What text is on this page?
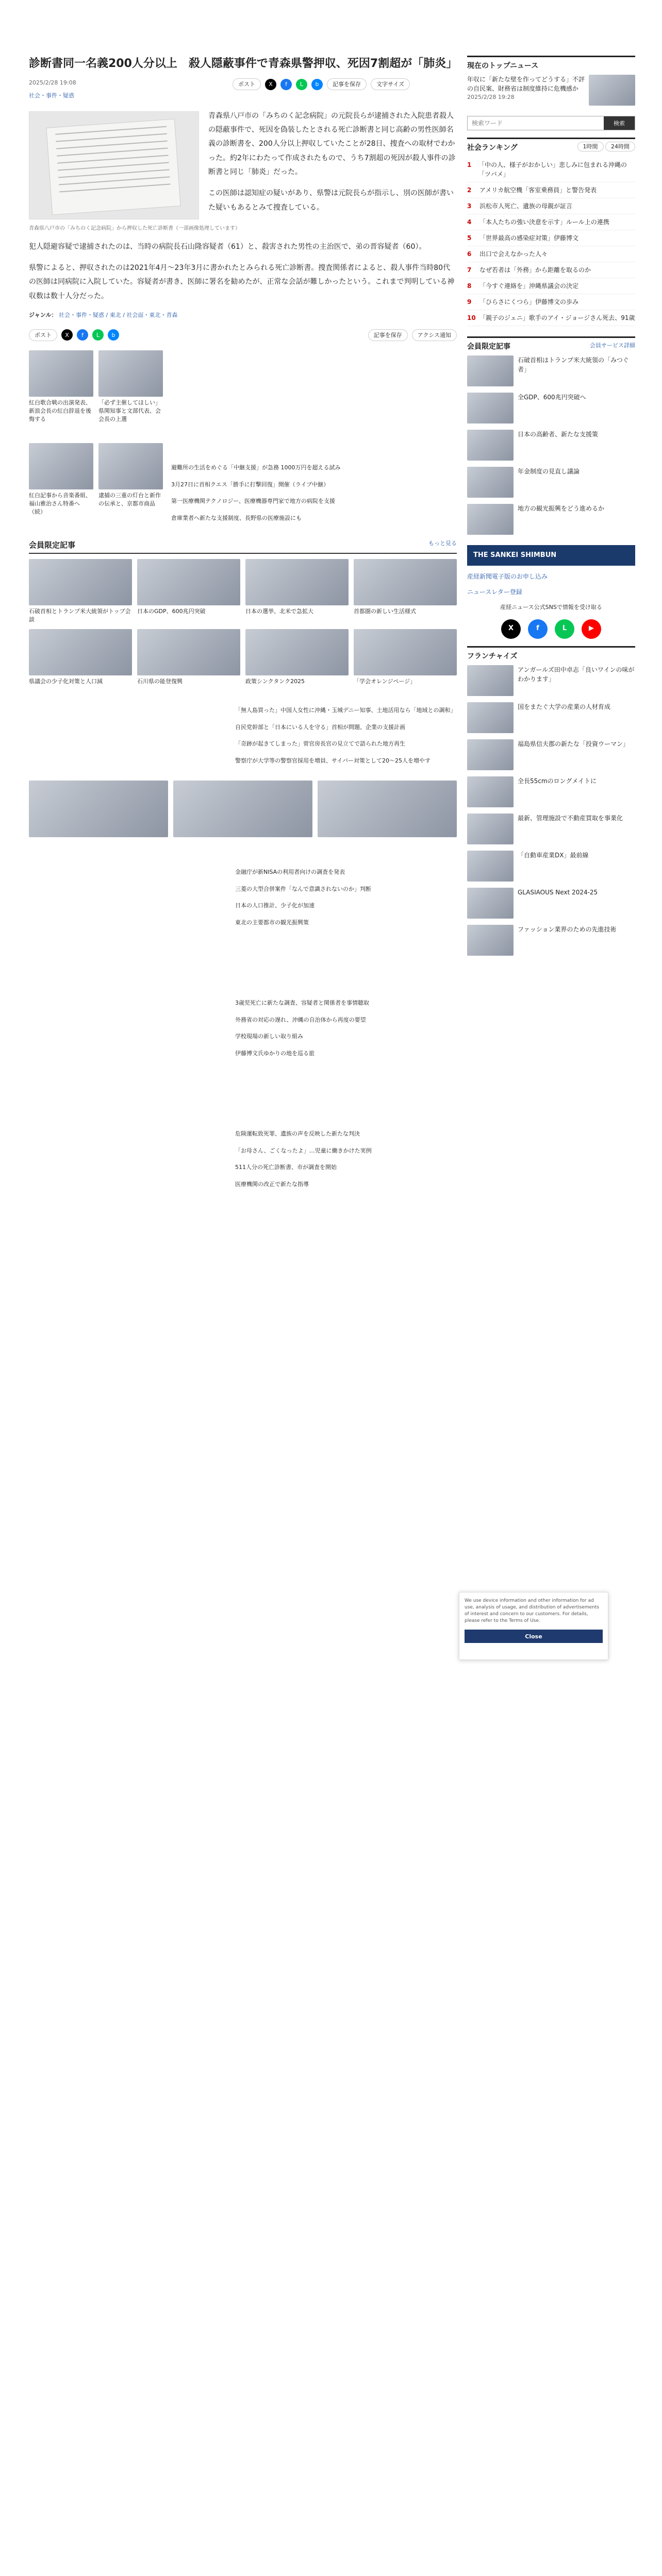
診断書同一名義200人分以上　殺人隠蔽事件で青森県警押収、死因7割超が「肺炎」
2025/2/28 19:08
社会・事件・疑惑
ポスト	X	f	L	b	記事を保存	文字サイズ

青森県八戸市の「みちのく記念病院」の元院長らが逮捕された入院患者殺人の隠蔽事件で、死因を偽装したとされる死亡診断書と同じ高齢の男性医師名義の診断書を、200人分以上押収していたことが28日、捜査への取材でわかった。約2年にわたって作成されたもので、うち7割超の死因が殺人事件の診断書と同じ「肺炎」だった。

この医師は認知症の疑いがあり、県警は元院長らが指示し、別の医師が書いた疑いもあるとみて捜査している。

青森県八戸市の「みちのく記念病院」から押収した死亡診断書（一部画像処理しています）

犯人隠避容疑で逮捕されたのは、当時の病院長石山隆容疑者（61）と、殺害された男性の主治医で、弟の晋容疑者（60）。

県警によると、押収されたのは2021年4月〜23年3月に書かれたとみられる死亡診断書。捜査関係者によると、殺人事件当時80代の医師は同病院に入院していた。容疑者が書き、医師に署名を勧めたが、正常な会話が難しかったという。これまで判明している神収数は数十人分だった。

ジャンル： 社会・事件・疑惑 / 東北 / 社会面・東北・青森
ポスト	X	f	L	b	記事を保存	アクシス通知
紅白歌合戦の出演発表、新浪会長の紅白辞退を後悔する
「必ず主催してほしい」県関知事と文部代表、会会長の上選
紅白記事から音楽番組、福山雅治さん特番へ（続）
逮捕の三重の灯台と新作の伝承と、京都市商品
避難所の生活をめぐる「中継支援」が急務 1000万円を超える試み
3月27日に首相クエス「勝手に打撃回復」開催（ライブ中継）
第一医療機関テクノロジー、医療機器専門家で地方の病院を支援
倉庫業者へ新たな支援制度、長野県の医療施設にも
会員限定記事	もっと見る
石破首相とトランプ米大統領がトップ会談
日本のGDP、600兆円突破	日本の選挙、北米で急拡大	首都圏の新しい生活様式
県議会の少子化対策と人口減	石川県の能登復興	政策シンクタンク2025	「学会オレンジページ」
「無人島買った」中国人女性に沖縄・玉城デニー知事、土地活用なら「地域との調和」
自民党幹部と「日本にいる人を守る」首相が問題、企業の支援計画
「奇跡が起きてしまった」菅官房長官の見立てで語られた地方再生
警察庁が大学等の警察官採用を増員、サイバー対策として20〜25人を増やす
金融庁が新NISAの利用者向けの調査を発表
三菱の大型合併案件「なんで意識されないのか」判断
日本の人口推計、少子化が加速
東北の主要都市の観光振興策
3歳児死亡に新たな調査、容疑者と関係者を事情聴取
外務省の対応の遅れ、沖縄の自治体から再度の要望
学校現場の新しい取り組み
伊藤博文氏ゆかりの地を巡る旅
危険運転致死罪、遺族の声を反映した新たな判決
「お母さん、ごくなったよ」…児童に働きかけた実例
511人分の死亡診断書、市が調査を開始
医療機関の改正で新たな指導
現在のトップニュース
年収に「新たな壁を作ってどうする」不評の自民案、財務省は制度維持に危機感か
2025/2/28 19:28
検索ワード
検索
社会ランキング	1時間 24時間
1	「中の人、様子がおかしい」悲しみに包まれる沖縄の「ツバメ」
2	アメリカ航空機「客室乗務員」と警告発表
3	浜松市人死亡、遺族の母親が証言
4	「本人たちの強い決意を示す」ルール上の連携
5	「世界最高の感染症対策」伊藤博文
6	出口で会えなかった人々
7	なぜ若者は「外務」から距離を取るのか
8	「今すぐ連絡を」沖縄県議会の決定
9	「ひらさにくつら」伊藤博文の歩み
10 「親子のジェニ」歌手のアイ・ジョージさん死去、91歳
会員限定記事	会員サービス詳細
石破首相はトランプ米大統領の「みつぐ者」
全GDP、600兆円突破へ
日本の高齢者、新たな支援策
年金制度の見直し議論
地方の観光振興をどう進めるか
THE SANKEI SHIMBUN
産経新聞電子版のお申し込み
ニュースレター登録
産経ニュース公式SNSで情報を受け取る
X	f	L	▶
フランチャイズ
アンガールズ田中卓志「良いワインの味がわかります」
国をまたぐ大学の産業の人材育成
福島県信夫郡の新たな「投資ウーマン」
全長55cmのロングメイトに
最新、管理施設で不動産買取を事業化
「自動車産業DX」最前線
GLASIAOUS Next 2024-25
ファッション業界のための先進技術
We use device information and other information for ad use, analysis of usage, and distribution of advertisements of interest and concern to our customers. For details, please refer to the Terms of Use.
Close
